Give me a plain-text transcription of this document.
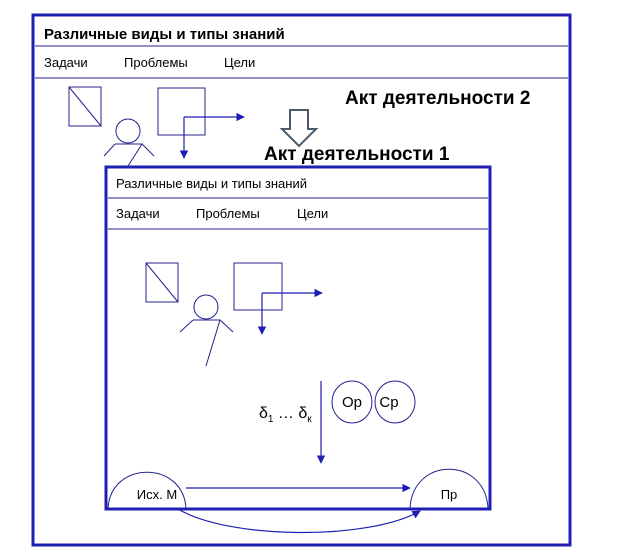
Различные виды и типы знаний
Задачи	Проблемы	Цели
Акт деятельности 2
Акт деятельности 1
Различные виды и типы знаний
Задачи	Проблемы	Цели
$\delta_1$ … $\delta_к$
Ор Ср
Исх. М	Пр
